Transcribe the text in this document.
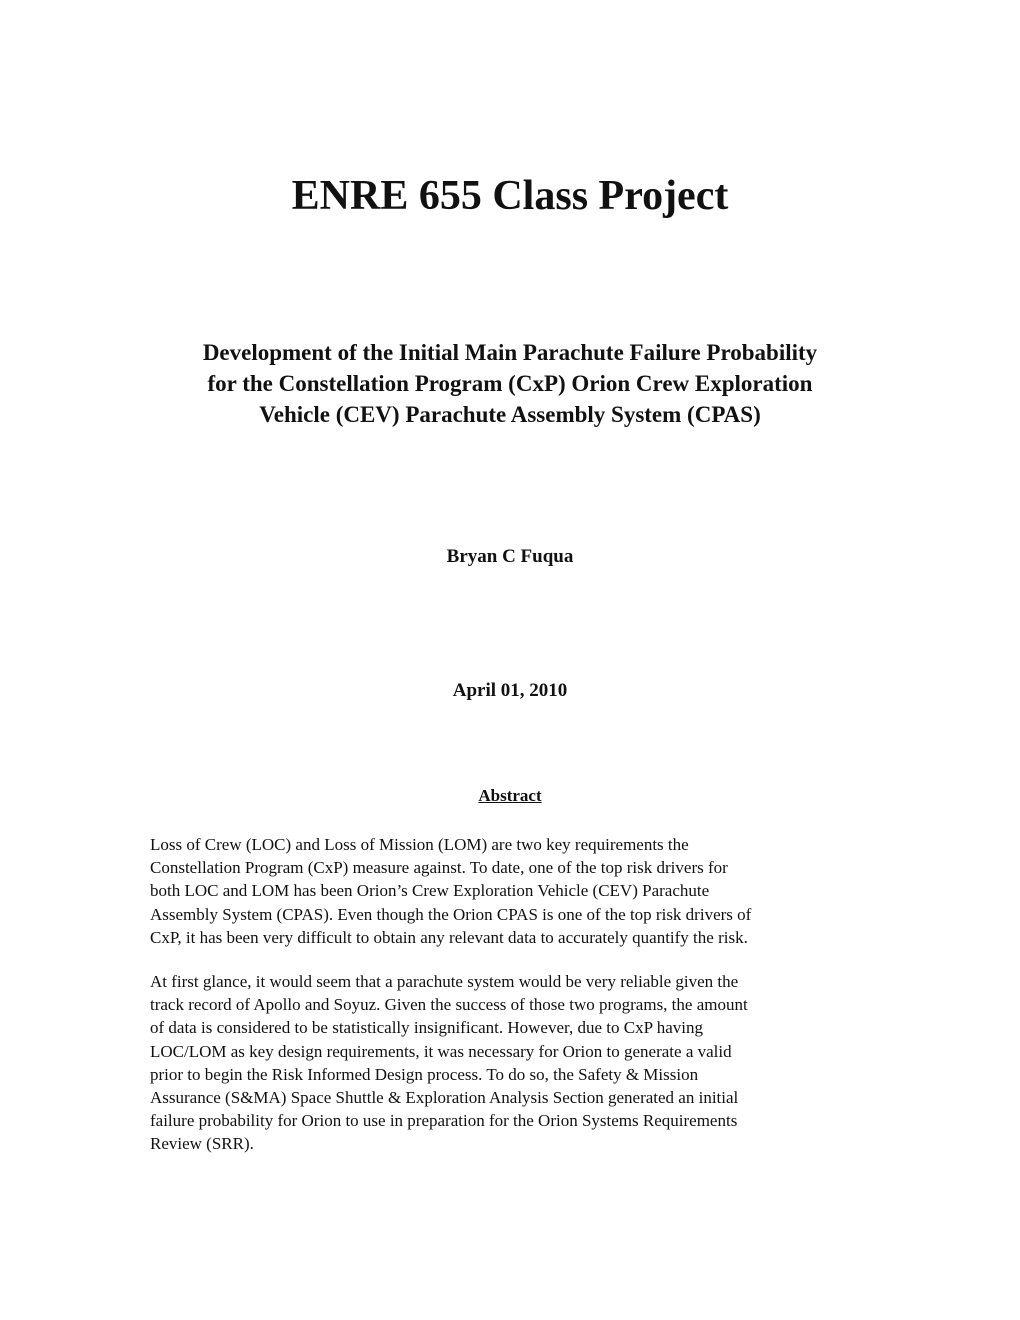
ENRE 655 Class Project
Development of the Initial Main Parachute Failure Probability
for the Constellation Program (CxP) Orion Crew Exploration
Vehicle (CEV) Parachute Assembly System (CPAS)
Bryan C Fuqua
April 01, 2010
Abstract

Loss of Crew (LOC) and Loss of Mission (LOM) are two key requirements the
Constellation Program (CxP) measure against. To date, one of the top risk drivers for
both LOC and LOM has been Orion’s Crew Exploration Vehicle (CEV) Parachute
Assembly System (CPAS). Even though the Orion CPAS is one of the top risk drivers of
CxP, it has been very difficult to obtain any relevant data to accurately quantify the risk.

At first glance, it would seem that a parachute system would be very reliable given the
track record of Apollo and Soyuz. Given the success of those two programs, the amount
of data is considered to be statistically insignificant. However, due to CxP having
LOC/LOM as key design requirements, it was necessary for Orion to generate a valid
prior to begin the Risk Informed Design process. To do so, the Safety & Mission
Assurance (S&MA) Space Shuttle & Exploration Analysis Section generated an initial
failure probability for Orion to use in preparation for the Orion Systems Requirements
Review (SRR).
